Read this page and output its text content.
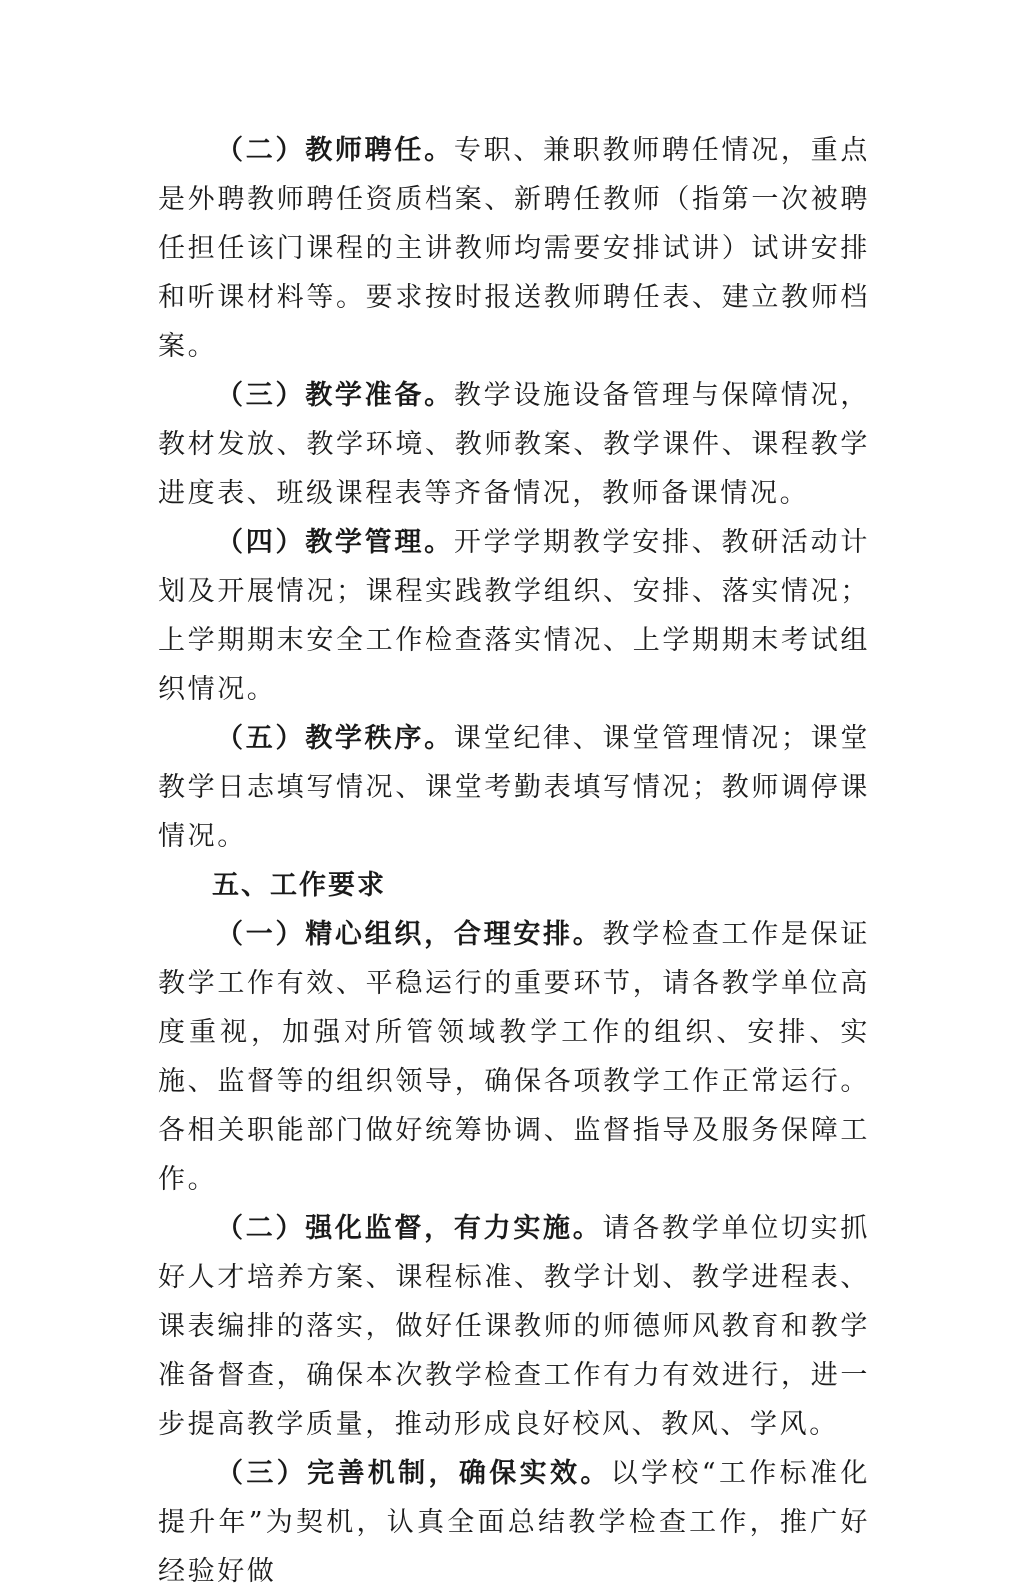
（二）教师聘任。专职、兼职教师聘任情况，重点是外聘教师聘任资质档案、新聘任教师（指第一次被聘任担任该门课程的主讲教师均需要安排试讲）试讲安排和听课材料等。要求按时报送教师聘任表、建立教师档案。

（三）教学准备。教学设施设备管理与保障情况，教材发放、教学环境、教师教案、教学课件、课程教学进度表、班级课程表等齐备情况，教师备课情况。

（四）教学管理。开学学期教学安排、教研活动计划及开展情况；课程实践教学组织、安排、落实情况；上学期期末安全工作检查落实情况、上学期期末考试组织情况。

（五）教学秩序。课堂纪律、课堂管理情况；课堂教学日志填写情况、课堂考勤表填写情况；教师调停课情况。

五、工作要求

（一）精心组织，合理安排。教学检查工作是保证教学工作有效、平稳运行的重要环节，请各教学单位高度重视，加强对所管领域教学工作的组织、安排、实施、监督等的组织领导，确保各项教学工作正常运行。各相关职能部门做好统筹协调、监督指导及服务保障工作。

（二）强化监督，有力实施。请各教学单位切实抓好人才培养方案、课程标准、教学计划、教学进程表、课表编排的落实，做好任课教师的师德师风教育和教学准备督查，确保本次教学检查工作有力有效进行，进一步提高教学质量，推动形成良好校风、教风、学风。

（三）完善机制，确保实效。以学校“工作标准化提升年”为契机，认真全面总结教学检查工作，推广好经验好做
